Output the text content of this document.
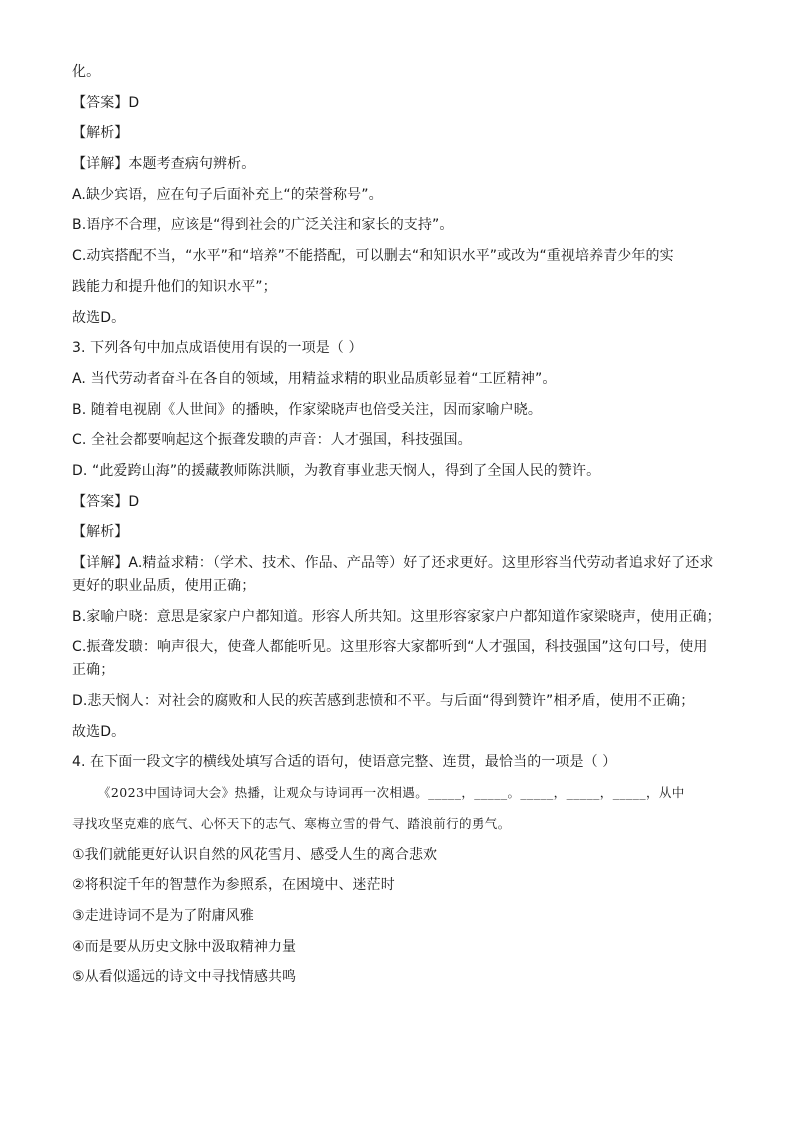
化。
【答案】D
【解析】
【详解】本题考查病句辨析。
A.缺少宾语，应在句子后面补充上“的荣誉称号”。
B.语序不合理，应该是“得到社会的广泛关注和家长的支持”。
C.动宾搭配不当，“水平”和“培养”不能搭配，可以删去“和知识水平”或改为“重视培养青少年的实
践能力和提升他们的知识水平”；
故选D。
3. 下列各句中加点成语使用有误的一项是（ ）
A. 当代劳动者奋斗在各自的领域，用精益求精的职业品质彰显着“工匠精神”。
B. 随着电视剧《人世间》的播映，作家梁晓声也倍受关注，因而家喻户晓。
C. 全社会都要响起这个振聋发聩的声音：人才强国，科技强国。
D. “此爱跨山海”的援藏教师陈洪顺，为教育事业悲天悯人，得到了全国人民的赞许。
【答案】D
【解析】
【详解】A.精益求精：（学术、技术、作品、产品等）好了还求更好。这里形容当代劳动者追求好了还求
更好的职业品质，使用正确；
B.家喻户晓：意思是家家户户都知道。形容人所共知。这里形容家家户户都知道作家梁晓声，使用正确；
C.振聋发聩：响声很大，使聋人都能听见。这里形容大家都听到“人才强国，科技强国”这句口号，使用
正确；
D.悲天悯人：对社会的腐败和人民的疾苦感到悲愤和不平。与后面“得到赞许”相矛盾，使用不正确；
故选D。
4. 在下面一段文字的横线处填写合适的语句，使语意完整、连贯，最恰当的一项是（ ）
《2023中国诗词大会》热播，让观众与诗词再一次相遇。_____，_____。_____，_____，_____，从中
寻找攻坚克难的底气、心怀天下的志气、寒梅立雪的骨气、踏浪前行的勇气。
①我们就能更好认识自然的风花雪月、感受人生的离合悲欢
②将积淀千年的智慧作为参照系，在困境中、迷茫时
③走进诗词不是为了附庸风雅
④而是要从历史文脉中汲取精神力量
⑤从看似遥远的诗文中寻找情感共鸣
